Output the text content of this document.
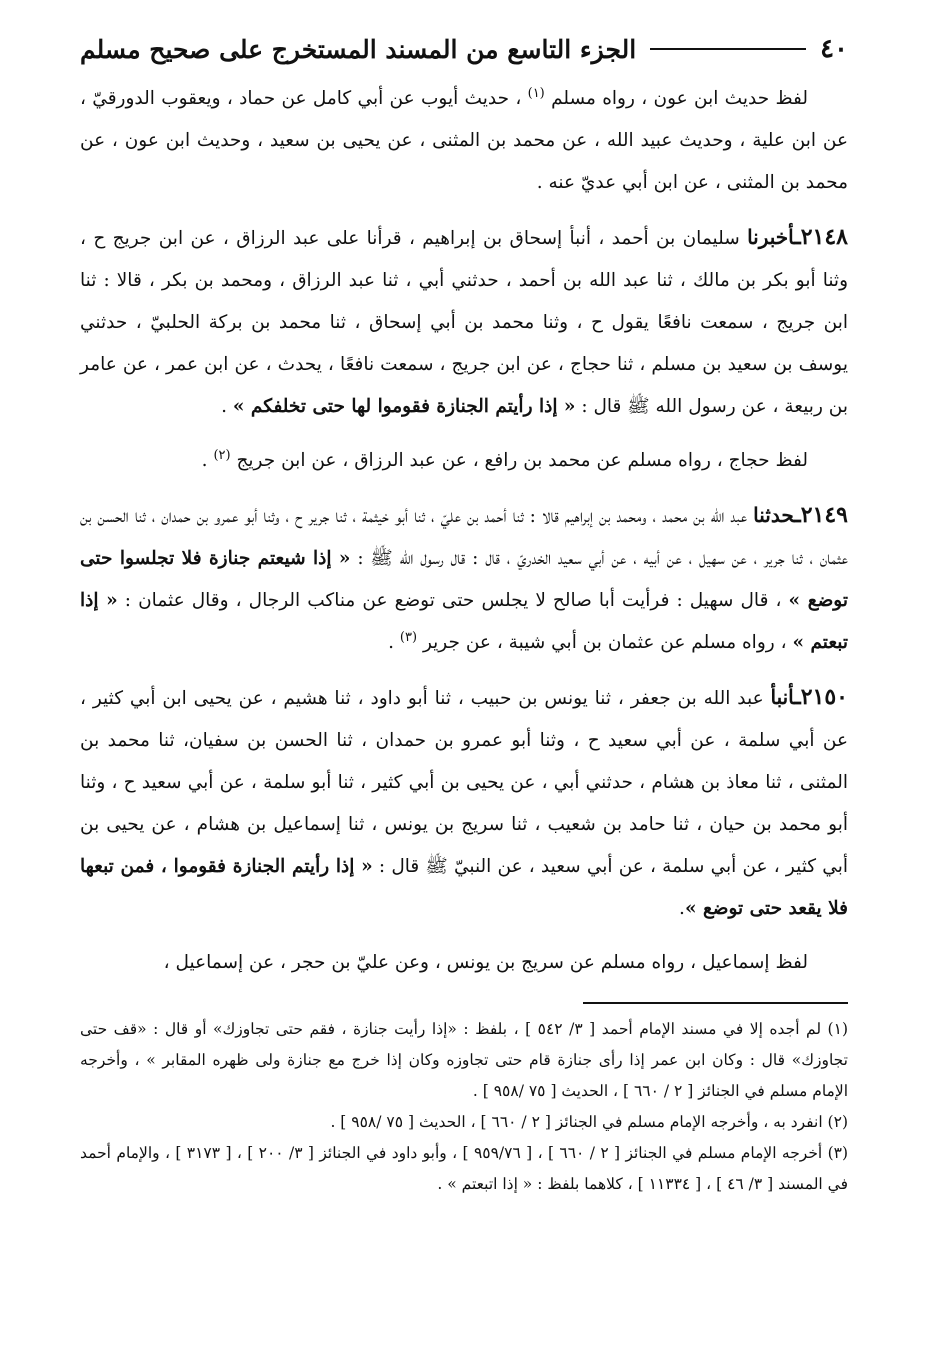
٤٠
الجزء التاسع من المسند المستخرج على صحيح مسلم

لفظ حديث ابن عون ، رواه مسلم $^{(١)}$ ، حديث أيوب عن أبي كامل عن حماد ، ويعقوب الدورقيّ ، عن ابن علية ، وحديث عبيد الله ، عن محمد بن المثنى ، عن يحيى بن سعيد ، وحديث ابن عون ، عن محمد بن المثنى ، عن ابن أبي عديّ عنه .

٢١٤٨ـأخبرنا سليمان بن أحمد ، أنبأ إسحاق بن إبراهيم ، قرأنا على عبد الرزاق ، عن ابن جريج ح ، وثنا أبو بكر بن مالك ، ثنا عبد الله بن أحمد ، حدثني أبي ، ثنا عبد الرزاق ، ومحمد بن بكر ، قالا : ثنا ابن جريج ، سمعت نافعًا يقول ح ، وثنا محمد بن أبي إسحاق ، ثنا محمد بن بركة الحلبيّ ، حدثني يوسف بن سعيد بن مسلم ، ثنا حجاج ، عن ابن جريج ، سمعت نافعًا ، يحدث ، عن ابن عمر ، عن عامر بن ربيعة ، عن رسول الله ﷺ قال : « إذا رأيتم الجنازة فقوموا لها حتى تخلفكم » .

لفظ حجاج ، رواه مسلم عن محمد بن رافع ، عن عبد الرزاق ، عن ابن جريج $^{(٢)}$ .

٢١٤٩ـحدثنا عبد الله بن محمد ، ومحمد بن إبراهيم قالا : ثنا أحمد بن عليّ ، ثنا أبو خيثمة ، ثنا جرير ح ، وثنا أبو عمرو بن حمدان ، ثنا الحسن بن عثمان ، ثنا جرير ، عن سهيل ، عن أبيه ، عن أبي سعيد الخدريّ ، قال : قال رسول الله ﷺ : « إذا شيعتم جنازة فلا تجلسوا حتى توضع » ، قال سهيل : فرأيت أبا صالح لا يجلس حتى توضع عن مناكب الرجال ، وقال عثمان : « إذا تبعتم » ، رواه مسلم عن عثمان بن أبي شيبة ، عن جرير $^{(٣)}$ .

٢١٥٠ـأنبأ عبد الله بن جعفر ، ثنا يونس بن حبيب ، ثنا أبو داود ، ثنا هشيم ، عن يحيى ابن أبي كثير ، عن أبي سلمة ، عن أبي سعيد ح ، وثنا أبو عمرو بن حمدان ، ثنا الحسن بن سفيان، ثنا محمد بن المثنى ، ثنا معاذ بن هشام ، حدثني أبي ، عن يحيى بن أبي كثير ، ثنا أبو سلمة ، عن أبي سعيد ح ، وثنا أبو محمد بن حيان ، ثنا حامد بن شعيب ، ثنا سريج بن يونس ، ثنا إسماعيل بن هشام ، عن يحيى بن أبي كثير ، عن أبي سلمة ، عن أبي سعيد ، عن النبيّ ﷺ قال : « إذا رأيتم الجنازة فقوموا ، فمن تبعها فلا يقعد حتى توضع ».

لفظ إسماعيل ، رواه مسلم عن سريج بن يونس ، وعن عليّ بن حجر ، عن إسماعيل ،

(١) لم أجده إلا في مسند الإمام أحمد [ ٣/ ٥٤٢ ] ، بلفظ : «إذا رأيت جنازة ، فقم حتى تجاوزك» أو قال : «قف حتى تجاوزك» قال : وكان ابن عمر إذا رأى جنازة قام حتى تجاوزه وكان إذا خرج مع جنازة ولى ظهره المقابر » ، وأخرجه الإمام مسلم في الجنائز [ ٢ / ٦٦٠ ] ، الحديث [ ٧٥ /٩٥٨ ] .

(٢) انفرد به ، وأخرجه الإمام مسلم في الجنائز [ ٢ / ٦٦٠ ] ، الحديث [ ٧٥ /٩٥٨ ] .

(٣) أخرجه الإمام مسلم في الجنائز [ ٢ / ٦٦٠ ] ، [ ٩٥٩/٧٦ ] ، وأبو داود في الجنائز [ ٣/ ٢٠٠ ] ، [ ٣١٧٣ ] ، والإمام أحمد في المسند [ ٣/ ٤٦ ] ، [ ١١٣٣٤ ] ، كلاهما بلفظ : « إذا اتبعتم » .
